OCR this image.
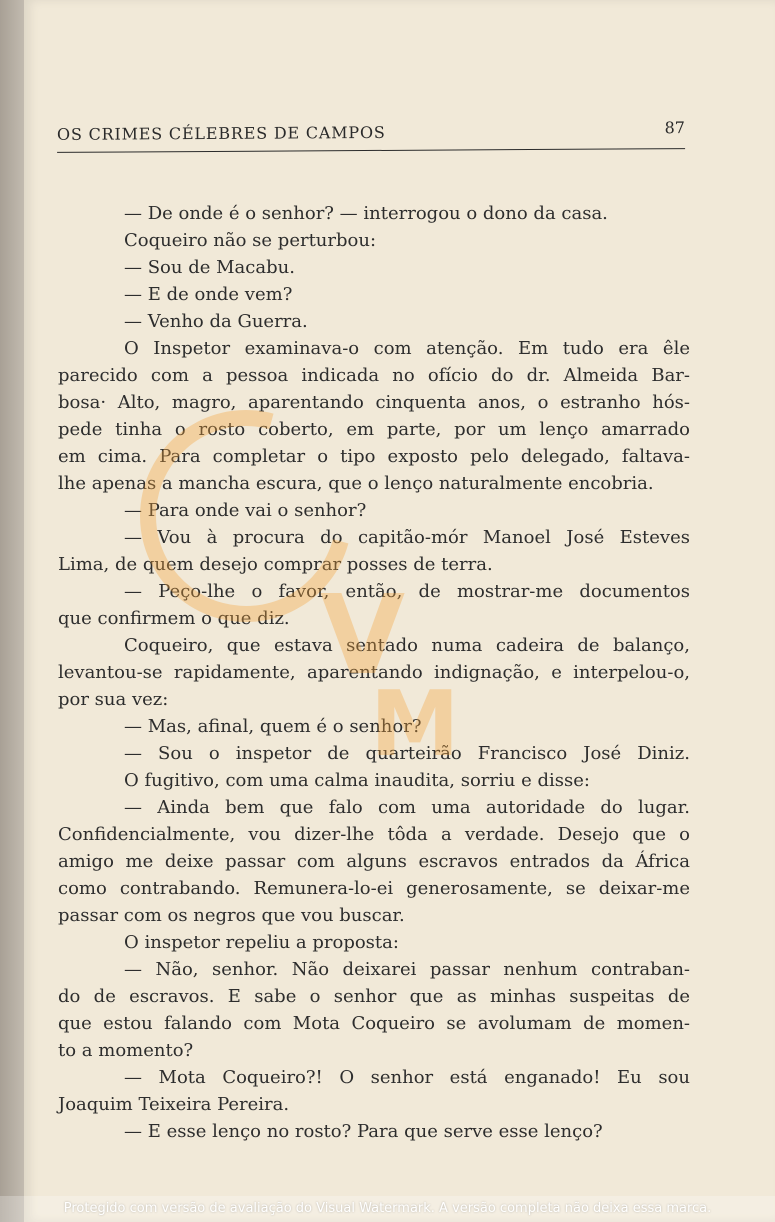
OS CRIMES CÉLEBRES DE CAMPOS	87
— De onde é o senhor? — interrogou o dono da casa.
Coqueiro não se perturbou:
— Sou de Macabu.
— E de onde vem?
— Venho da Guerra.
O Inspetor examinava-o com atenção. Em tudo era êle
parecido com a pessoa indicada no ofício do dr. Almeida Bar-
bosa· Alto, magro, aparentando cinquenta anos, o estranho hós-
pede tinha o rosto coberto, em parte, por um lenço amarrado
em cima. Para completar o tipo exposto pelo delegado, faltava-
lhe apenas a mancha escura, que o lenço naturalmente encobria.
— Para onde vai o senhor?
— Vou à procura do capitão-mór Manoel José Esteves
Lima, de quem desejo comprar posses de terra.
— Peço-lhe o favor, então, de mostrar-me documentos
que confirmem o que diz.
Coqueiro, que estava sentado numa cadeira de balanço,
levantou-se rapidamente, aparentando indignação, e interpelou-o,
por sua vez:
— Mas, afinal, quem é o senhor?
— Sou o inspetor de quarteirão Francisco José Diniz.
O fugitivo, com uma calma inaudita, sorriu e disse:
— Ainda bem que falo com uma autoridade do lugar.
Confidencialmente, vou dizer-lhe tôda a verdade. Desejo que o
amigo me deixe passar com alguns escravos entrados da África
como contrabando. Remunera-lo-ei generosamente, se deixar-me
passar com os negros que vou buscar.
O inspetor repeliu a proposta:
— Não, senhor. Não deixarei passar nenhum contraban-
do de escravos. E sabe o senhor que as minhas suspeitas de
que estou falando com Mota Coqueiro se avolumam de momen-
to a momento?
— Mota Coqueiro?! O senhor está enganado! Eu sou
Joaquim Teixeira Pereira.
— E esse lenço no rosto? Para que serve esse lenço?
V
M
Protegido com versão de avaliação do Visual Watermark. A versão completa não deixa essa marca.
